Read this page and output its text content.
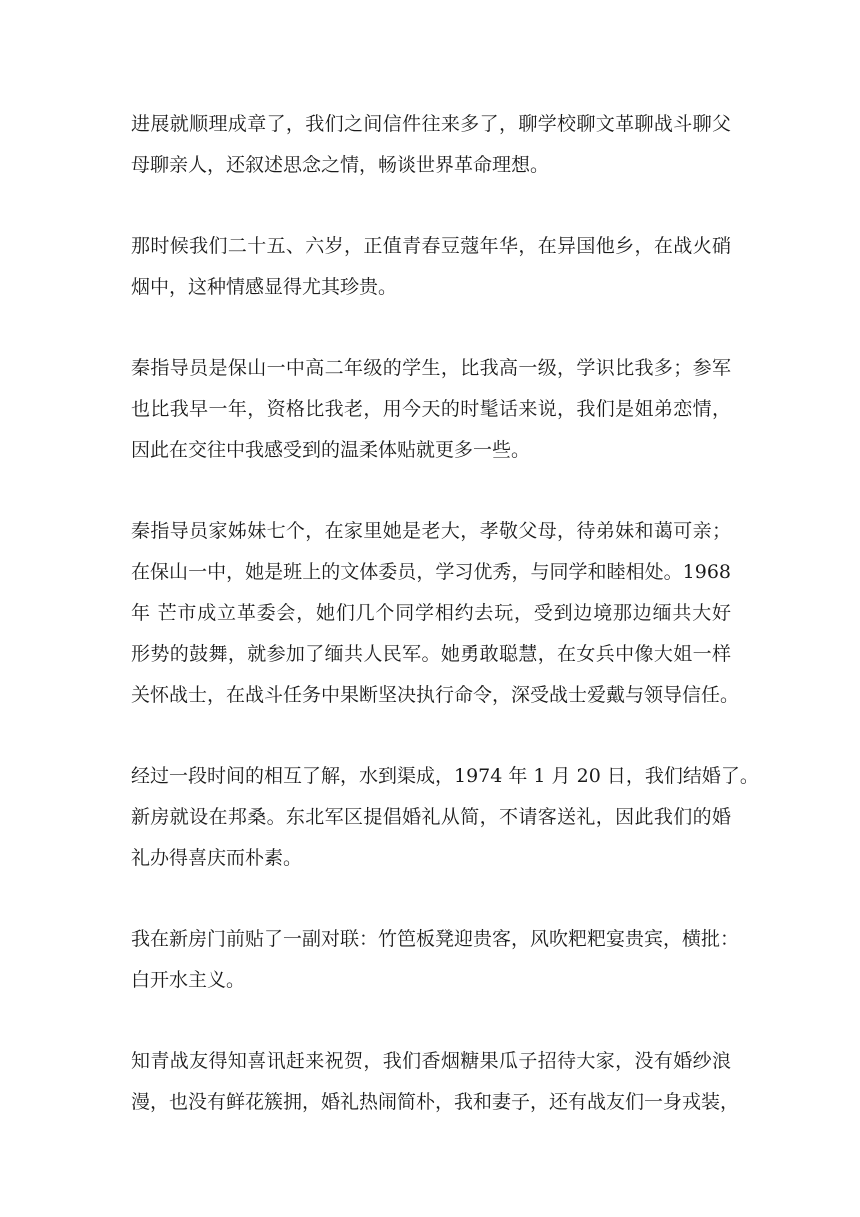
进展就顺理成章了，我们之间信件往来多了，聊学校聊文革聊战斗聊父
母聊亲人，还叙述思念之情，畅谈世界革命理想。

那时候我们二十五、六岁，正值青春豆蔻年华，在异国他乡，在战火硝
烟中，这种情感显得尤其珍贵。

秦指导员是保山一中高二年级的学生，比我高一级，学识比我多；参军
也比我早一年，资格比我老，用今天的时髦话来说，我们是姐弟恋情，
因此在交往中我感受到的温柔体贴就更多一些。

秦指导员家姊妹七个，在家里她是老大，孝敬父母，待弟妹和蔼可亲；
在保山一中，她是班上的文体委员，学习优秀，与同学和睦相处。1968
年 芒市成立革委会，她们几个同学相约去玩，受到边境那边缅共大好
形势的鼓舞，就参加了缅共人民军。她勇敢聪慧，在女兵中像大姐一样
关怀战士，在战斗任务中果断坚决执行命令，深受战士爱戴与领导信任。

经过一段时间的相互了解，水到渠成，1974 年 1 月 20 日，我们结婚了。
新房就设在邦桑。东北军区提倡婚礼从简，不请客送礼，因此我们的婚
礼办得喜庆而朴素。

我在新房门前贴了一副对联：竹笆板凳迎贵客，风吹粑粑宴贵宾，横批：
白开水主义。

知青战友得知喜讯赶来祝贺，我们香烟糖果瓜子招待大家，没有婚纱浪
漫，也没有鲜花簇拥，婚礼热闹简朴，我和妻子，还有战友们一身戎装，
